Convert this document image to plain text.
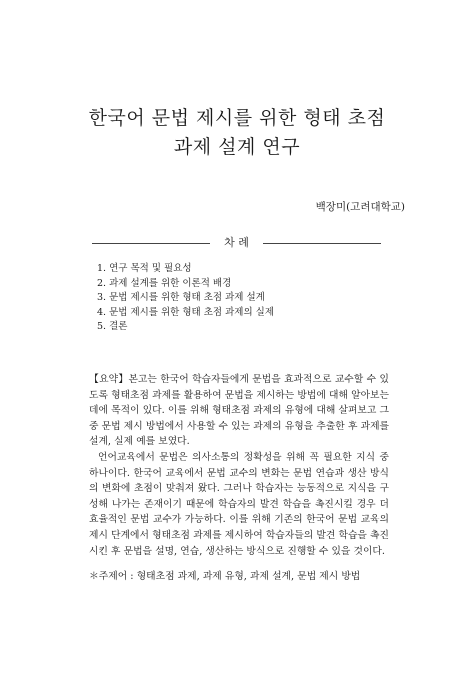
한국어 문법 제시를 위한 형태 초점
과제 설계 연구
백장미(고려대학교)
차 례
1. 연구 목적 및 필요성
2. 과제 설계를 위한 이론적 배경
3. 문법 제시를 위한 형태 초점 과제 설계
4. 문법 제시를 위한 형태 초점 과제의 실제
5. 결론

【요약】본고는 한국어 학습자들에게 문법을 효과적으로 교수할 수 있도록 형태초점 과제를 활용하여 문법을 제시하는 방법에 대해 알아보는 데에 목적이 있다. 이를 위해 형태초점 과제의 유형에 대해 살펴보고 그 중 문법 제시 방법에서 사용할 수 있는 과제의 유형을 추출한 후 과제를 설계, 실제 예를 보였다.

언어교육에서 문법은 의사소통의 정확성을 위해 꼭 필요한 지식 중 하나이다. 한국어 교육에서 문법 교수의 변화는 문법 연습과 생산 방식의 변화에 초점이 맞춰져 왔다. 그러나 학습자는 능동적으로 지식을 구성해 나가는 존재이기 때문에 학습자의 발견 학습을 촉진시킬 경우 더 효율적인 문법 교수가 가능하다. 이를 위해 기존의 한국어 문법 교육의 제시 단계에서 형태초점 과제를 제시하여 학습자들의 발견 학습을 촉진시킨 후 문법을 설명, 연습, 생산하는 방식으로 진행할 수 있을 것이다.

＊주제어 : 형태초점 과제, 과제 유형, 과제 설계, 문법 제시 방법
